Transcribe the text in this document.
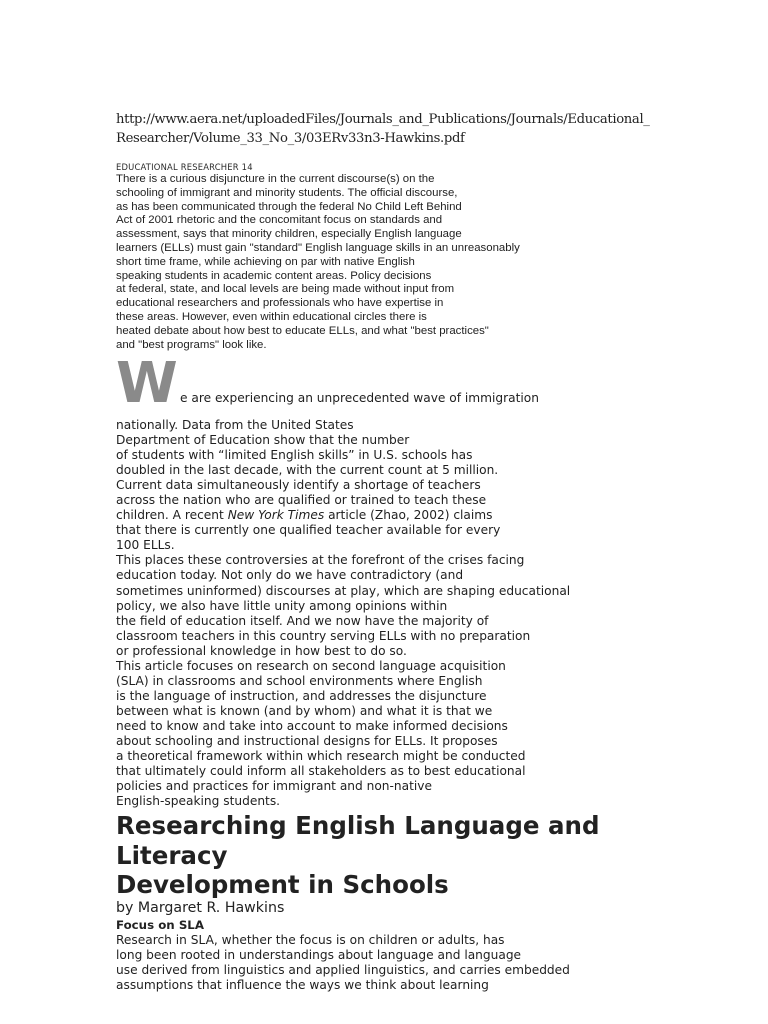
http://www.aera.net/uploadedFiles/Journals_and_Publications/Journals/Educational_
Researcher/Volume_33_No_3/03ERv33n3-Hawkins.pdf
EDUCATIONAL RESEARCHER 14
There is a curious disjuncture in the current discourse(s) on the
schooling of immigrant and minority students. The official discourse,
as has been communicated through the federal No Child Left Behind
Act of 2001 rhetoric and the concomitant focus on standards and
assessment, says that minority children, especially English language
learners (ELLs) must gain "standard" English language skills in an unreasonably
short time frame, while achieving on par with native English
speaking students in academic content areas. Policy decisions
at federal, state, and local levels are being made without input from
educational researchers and professionals who have expertise in
these areas. However, even within educational circles there is
heated debate about how best to educate ELLs, and what "best practices"
and "best programs" look like.
W e are experiencing an unprecedented wave of immigration
nationally. Data from the United States
Department of Education show that the number
of students with “limited English skills” in U.S. schools has
doubled in the last decade, with the current count at 5 million.
Current data simultaneously identify a shortage of teachers
across the nation who are qualified or trained to teach these
children. A recent New York Times article (Zhao, 2002) claims
that there is currently one qualified teacher available for every
100 ELLs.
This places these controversies at the forefront of the crises facing
education today. Not only do we have contradictory (and
sometimes uninformed) discourses at play, which are shaping educational
policy, we also have little unity among opinions within
the field of education itself. And we now have the majority of
classroom teachers in this country serving ELLs with no preparation
or professional knowledge in how best to do so.
This article focuses on research on second language acquisition
(SLA) in classrooms and school environments where English
is the language of instruction, and addresses the disjuncture
between what is known (and by whom) and what it is that we
need to know and take into account to make informed decisions
about schooling and instructional designs for ELLs. It proposes
a theoretical framework within which research might be conducted
that ultimately could inform all stakeholders as to best educational
policies and practices for immigrant and non-native
English-speaking students.
Researching English Language and
Literacy
Development in Schools
by Margaret R. Hawkins
Focus on SLA
Research in SLA, whether the focus is on children or adults, has
long been rooted in understandings about language and language
use derived from linguistics and applied linguistics, and carries embedded
assumptions that influence the ways we think about learning
